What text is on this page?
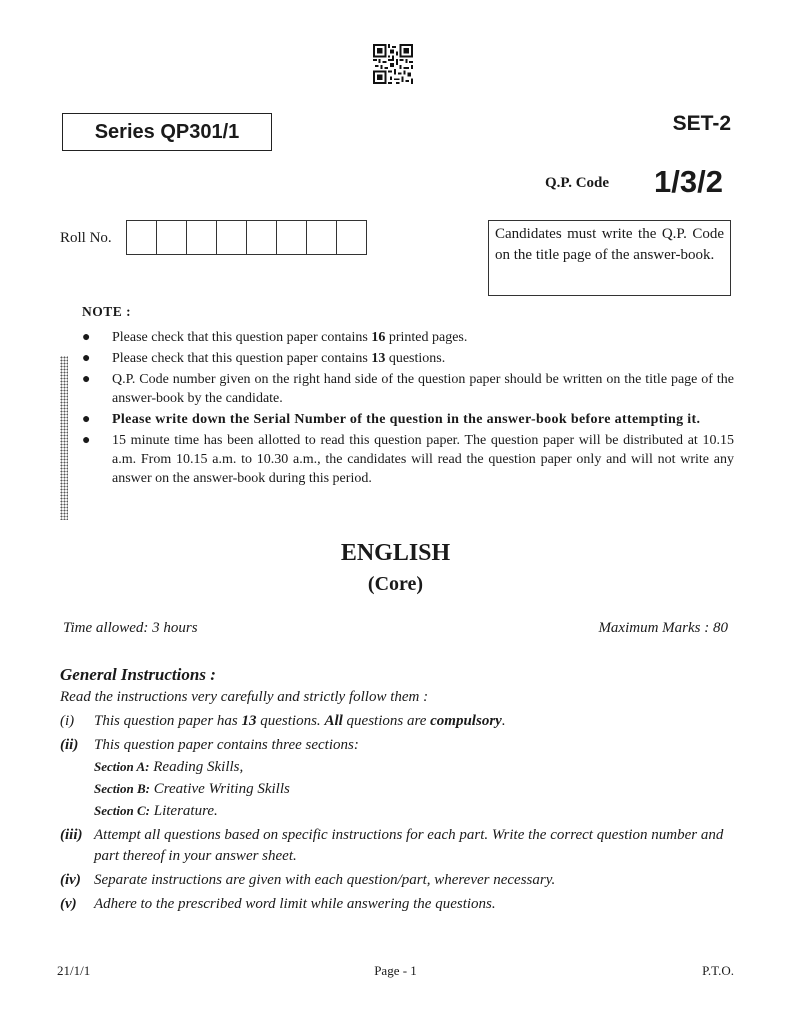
Series QP301/1	SET-2
Q.P. Code 1/3/2
Roll No.	Candidates must write the Q.P. Code on the title page of the answer-book.
NOTE :
● Please check that this question paper contains 16 printed pages.
● Please check that this question paper contains 13 questions.
● Q.P. Code number given on the right hand side of the question paper should be written on the title page of the answer-book by the candidate.
● Please write down the Serial Number of the question in the answer-book before attempting it.
● 15 minute time has been allotted to read this question paper. The question paper will be distributed at 10.15 a.m. From 10.15 a.m. to 10.30 a.m., the candidates will read the question paper only and will not write any answer on the answer-book during this period.
ENGLISH
(Core)
Time allowed: 3 hours	Maximum Marks : 80
General Instructions :
Read the instructions very carefully and strictly follow them :
(i) This question paper has 13 questions. All questions are compulsory.
(ii) This question paper contains three sections:
Section A: Reading Skills,
Section B: Creative Writing Skills
Section C: Literature.
(iii) Attempt all questions based on specific instructions for each part. Write the correct question number and part thereof in your answer sheet.
(iv) Separate instructions are given with each question/part, wherever necessary.
(v) Adhere to the prescribed word limit while answering the questions.
21/1/1	Page - 1	P.T.O.
